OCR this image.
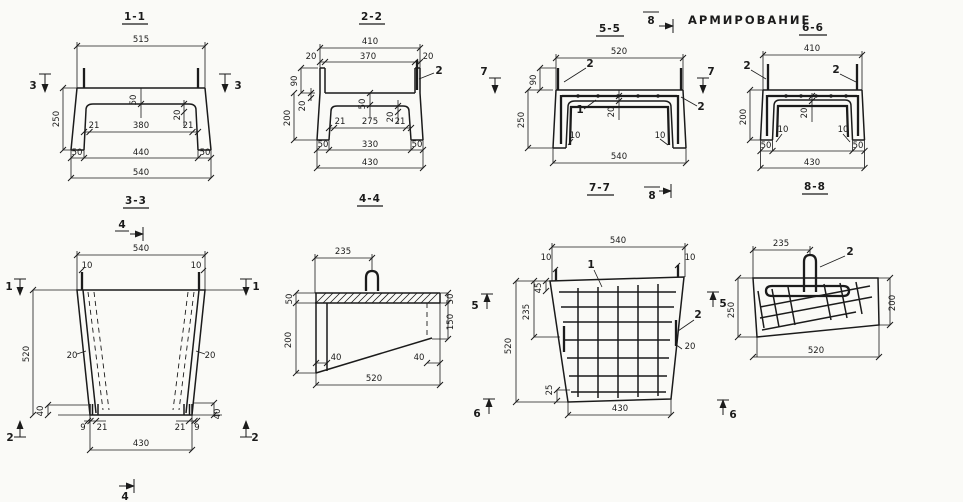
1-1
515
250
50
20
21	380	21
50	440	50
540
3	3
2-2
2
410
20	370	20
90
20
200
50
21 275 21
20
50	330	50
430
5-5
8
2
1	2
520
90
250	20
10	10
540
7	7
АРМИРОВАНИЕ
6-6
2	2
410
200	20
10	10
50	50
430
3-3
4
540
10	10
520	20	20
40	40
9 21	21 9
430
1	1
2	2
4
4-4
235
50
200
50
150
40	40
520
7-7
8
1
2
540
10	10
45
235
520
25
20
430
5	5
6	6
8-8
2
235
250	200
520
